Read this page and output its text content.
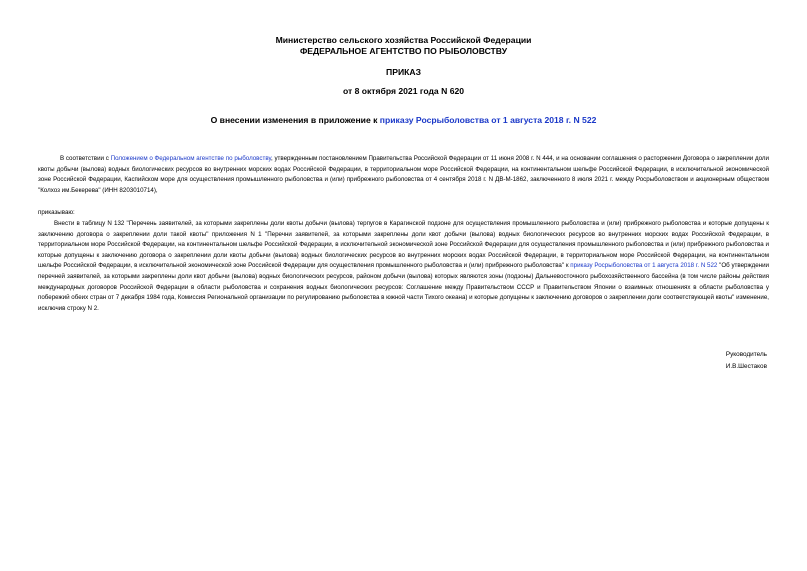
Министерство сельского хозяйства Российской Федерации
ФЕДЕРАЛЬНОЕ АГЕНТСТВО ПО РЫБОЛОВСТВУ
ПРИКАЗ
от 8 октября 2021 года N 620
О внесении изменения в приложение к приказу Росрыболовства от 1 августа 2018 г. N 522
В соответствии с Положением о Федеральном агентстве по рыболовству, утвержденным постановлением Правительства Российской Федерации от 11 июня 2008 г. N 444, и на основании соглашения о расторжении Договора о закреплении доли квоты добычи (вылова) водных биологических ресурсов во внутренних морских водах Российской Федерации, в территориальном море Российской Федерации, на континентальном шельфе Российской Федерации, в исключительной экономической зоне Российской Федерации, Каспийском море для осуществления промышленного рыболовства и (или) прибрежного рыболовства от 4 сентября 2018 г. N ДВ-М-1862, заключенного 8 июля 2021 г. между Росрыболовством и акционерным обществом "Колхоз им.Бекерева" (ИНН 8203010714),
приказываю:
Внести в таблицу N 132 "Перечень заявителей, за которыми закреплены доли квоты добычи (вылова) терпугов в Карагинской подзоне для осуществления промышленного рыболовства и (или) прибрежного рыболовства и которые допущены к заключению договора о закреплении доли такой квоты" приложения N 1 "Перечни заявителей, за которыми закреплены доли квот добычи (вылова) водных биологических ресурсов во внутренних морских водах Российской Федерации, в территориальном море Российской Федерации, на континентальном шельфе Российской Федерации, в исключительной экономической зоне Российской Федерации для осуществления промышленного рыболовства и (или) прибрежного рыболовства и которые допущены к заключению договора о закреплении доли квоты добычи (вылова) водных биологических ресурсов во внутренних морских водах Российской Федерации, в территориальном море Российской Федерации, на континентальном шельфе Российской Федерации, в исключительной экономической зоне Российской Федерации для осуществления промышленного рыболовства и (или) прибрежного рыболовства" к приказу Росрыболовства от 1 августа 2018 г. N 522 "Об утверждении перечней заявителей, за которыми закреплены доли квот добычи (вылова) водных биологических ресурсов, районом добычи (вылова) которых являются зоны (подзоны) Дальневосточного рыбохозяйственного бассейна (в том числе районы действия международных договоров Российской Федерации в области рыболовства и сохранения водных биологических ресурсов: Соглашение между Правительством СССР и Правительством Японии о взаимных отношениях в области рыболовства у побережий обеих стран от 7 декабря 1984 года, Комиссия Региональной организации по регулированию рыболовства в южной части Тихого океана) и которые допущены к заключению договоров о закреплении доли соответствующей квоты" изменение, исключив строку N 2.
Руководитель
И.В.Шестаков
